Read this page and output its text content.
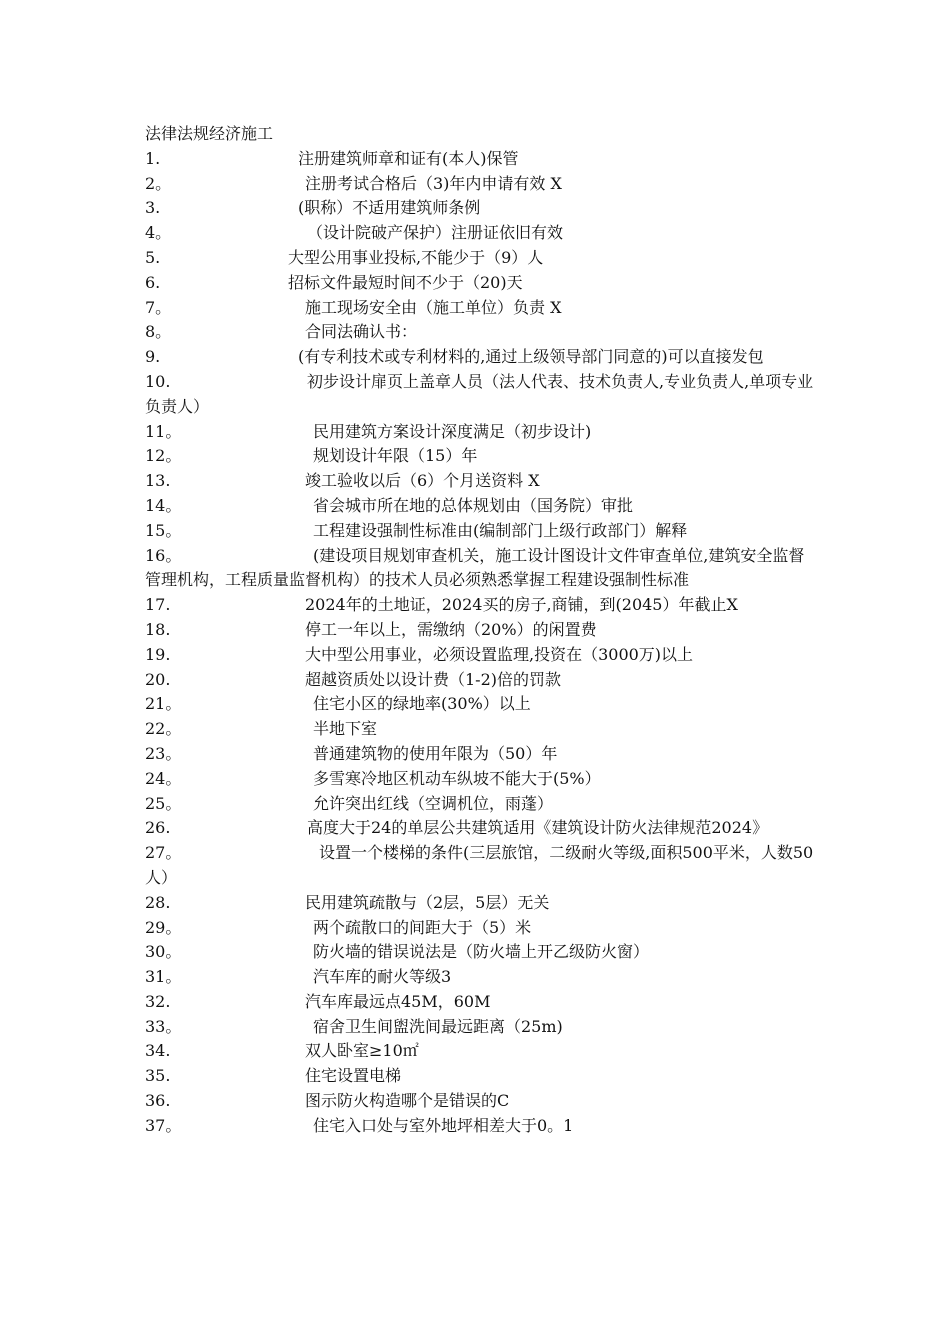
法律法规经济施工
1.	注册建筑师章和证有(本人)保管
2。	注册考试合格后（3)年内申请有效 X
3.	(职称）不适用建筑师条例
4。	（设计院破产保护）注册证依旧有效
5.	大型公用事业投标,不能少于（9）人
6.	招标文件最短时间不少于（20)天
7。	施工现场安全由（施工单位）负责 X
8。	合同法确认书：
9.	(有专利技术或专利材料的,通过上级领导部门同意的)可以直接发包
10.	初步设计扉页上盖章人员（法人代表、技术负责人,专业负责人,单项专业负责人）
11。	民用建筑方案设计深度满足（初步设计)
12。	规划设计年限（15）年
13.	竣工验收以后（6）个月送资料 X
14。	省会城市所在地的总体规划由（国务院）审批
15。	工程建设强制性标准由(编制部门上级行政部门）解释
16。	(建设项目规划审查机关，施工设计图设计文件审查单位,建筑安全监督管理机构，工程质量监督机构）的技术人员必须熟悉掌握工程建设强制性标准
17.	2024年的土地证，2024买的房子,商铺，到(2045）年截止X
18.	停工一年以上，需缴纳（20%）的闲置费
19.	大中型公用事业，必须设置监理,投资在（3000万)以上
20.	超越资质处以设计费（1-2)倍的罚款
21。	住宅小区的绿地率(30%）以上
22。	半地下室
23。	普通建筑物的使用年限为（50）年
24。	多雪寒冷地区机动车纵坡不能大于(5%）
25。	允许突出红线（空调机位，雨蓬）
26.	高度大于24的单层公共建筑适用《建筑设计防火法律规范2024》
27。	设置一个楼梯的条件(三层旅馆，二级耐火等级,面积500平米，人数50人）
28.	民用建筑疏散与（2层，5层）无关
29。	两个疏散口的间距大于（5）米
30。	防火墙的错误说法是（防火墙上开乙级防火窗）
31。	汽车库的耐火等级3
32.	汽车库最远点45M，60M
33。	宿舍卫生间盥洗间最远距离（25m)
34.	双人卧室≥10㎡
35.	住宅设置电梯
36.	图示防火构造哪个是错误的C
37。	住宅入口处与室外地坪相差大于0。1
